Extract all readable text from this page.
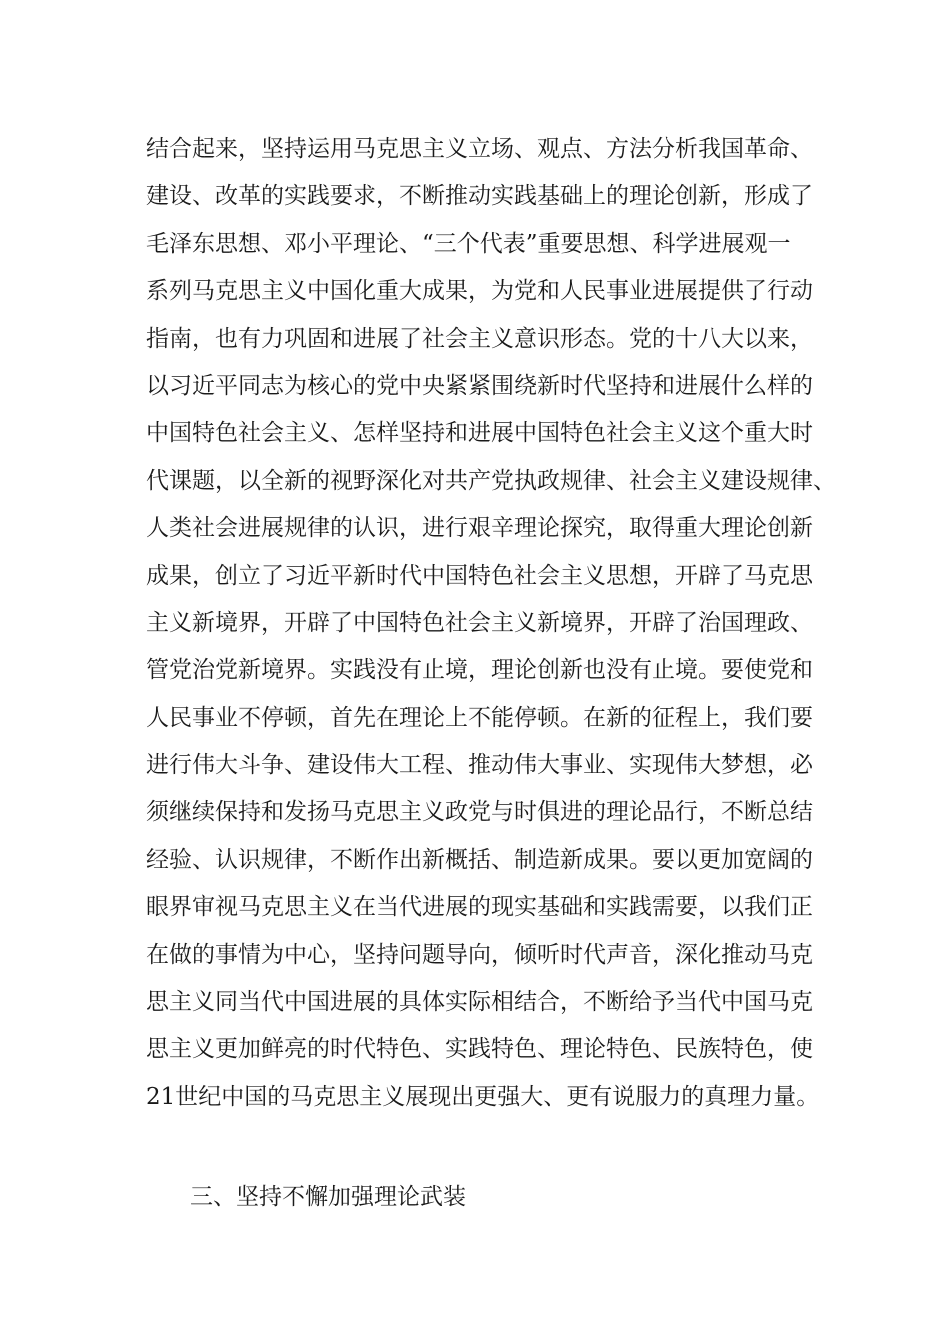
结合起来，坚持运用马克思主义立场、观点、方法分析我国革命、
建设、改革的实践要求，不断推动实践基础上的理论创新，形成了
毛泽东思想、邓小平理论、“三个代表”重要思想、科学进展观一
系列马克思主义中国化重大成果，为党和人民事业进展提供了行动
指南，也有力巩固和进展了社会主义意识形态。党的十八大以来，
以习近平同志为核心的党中央紧紧围绕新时代坚持和进展什么样的
中国特色社会主义、怎样坚持和进展中国特色社会主义这个重大时
代课题，以全新的视野深化对共产党执政规律、社会主义建设规律、
人类社会进展规律的认识，进行艰辛理论探究，取得重大理论创新
成果，创立了习近平新时代中国特色社会主义思想，开辟了马克思
主义新境界，开辟了中国特色社会主义新境界，开辟了治国理政、
管党治党新境界。实践没有止境，理论创新也没有止境。要使党和
人民事业不停顿，首先在理论上不能停顿。在新的征程上，我们要
进行伟大斗争、建设伟大工程、推动伟大事业、实现伟大梦想，必
须继续保持和发扬马克思主义政党与时俱进的理论品行，不断总结
经验、认识规律，不断作出新概括、制造新成果。要以更加宽阔的
眼界审视马克思主义在当代进展的现实基础和实践需要，以我们正
在做的事情为中心，坚持问题导向，倾听时代声音，深化推动马克
思主义同当代中国进展的具体实际相结合，不断给予当代中国马克
思主义更加鲜亮的时代特色、实践特色、理论特色、民族特色，使
21世纪中国的马克思主义展现出更强大、更有说服力的真理力量。
三、坚持不懈加强理论武装
